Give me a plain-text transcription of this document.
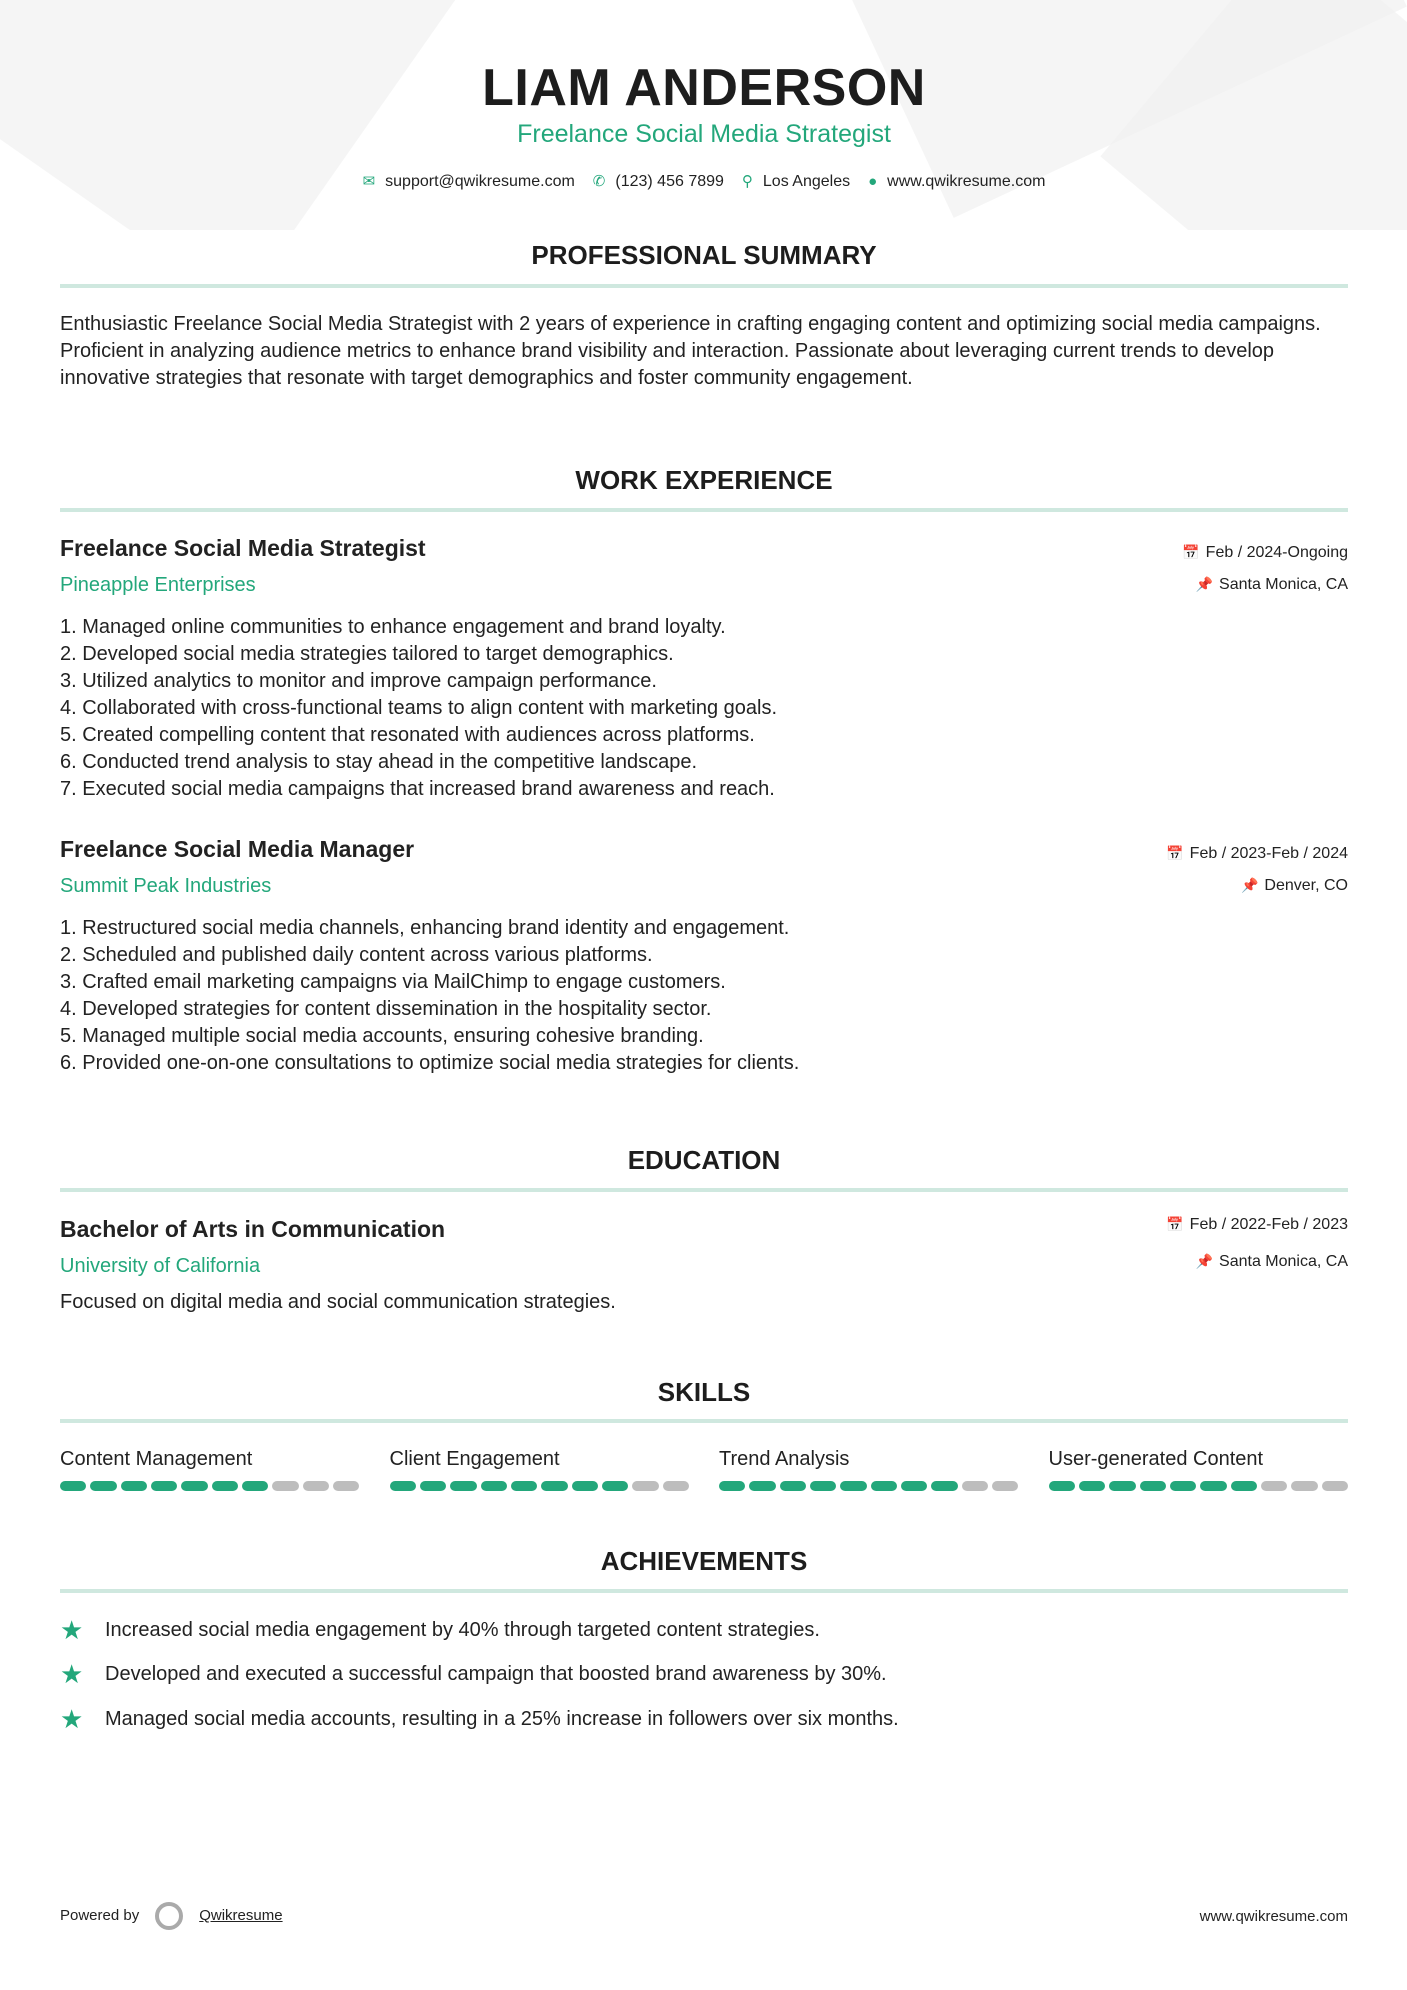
LIAM ANDERSON
Freelance Social Media Strategist
✉ support@qwikresume.com ✆ (123) 456 7899 ⚲ Los Angeles ● www.qwikresume.com
PROFESSIONAL SUMMARY
Enthusiastic Freelance Social Media Strategist with 2 years of experience in crafting engaging content and optimizing social media campaigns. Proficient in analyzing audience metrics to enhance brand visibility and interaction. Passionate about leveraging current trends to develop innovative strategies that resonate with target demographics and foster community engagement.
WORK EXPERIENCE
Freelance Social Media Strategist
Pineapple Enterprises
📅 Feb / 2024-Ongoing
📌 Santa Monica, CA
1. Managed online communities to enhance engagement and brand loyalty.
2. Developed social media strategies tailored to target demographics.
3. Utilized analytics to monitor and improve campaign performance.
4. Collaborated with cross-functional teams to align content with marketing goals.
5. Created compelling content that resonated with audiences across platforms.
6. Conducted trend analysis to stay ahead in the competitive landscape.
7. Executed social media campaigns that increased brand awareness and reach.
Freelance Social Media Manager
Summit Peak Industries
📅 Feb / 2023-Feb / 2024
📌 Denver, CO
1. Restructured social media channels, enhancing brand identity and engagement.
2. Scheduled and published daily content across various platforms.
3. Crafted email marketing campaigns via MailChimp to engage customers.
4. Developed strategies for content dissemination in the hospitality sector.
5. Managed multiple social media accounts, ensuring cohesive branding.
6. Provided one-on-one consultations to optimize social media strategies for clients.
EDUCATION
Bachelor of Arts in Communication
University of California
📅 Feb / 2022-Feb / 2023
📌 Santa Monica, CA
Focused on digital media and social communication strategies.
SKILLS
Content Management	Client Engagement	Trend Analysis	User-generated Content
ACHIEVEMENTS
★	Increased social media engagement by 40% through targeted content strategies.
★	Developed and executed a successful campaign that boosted brand awareness by 30%.
★	Managed social media accounts, resulting in a 25% increase in followers over six months.
Powered by	Qwikresume	www.qwikresume.com
